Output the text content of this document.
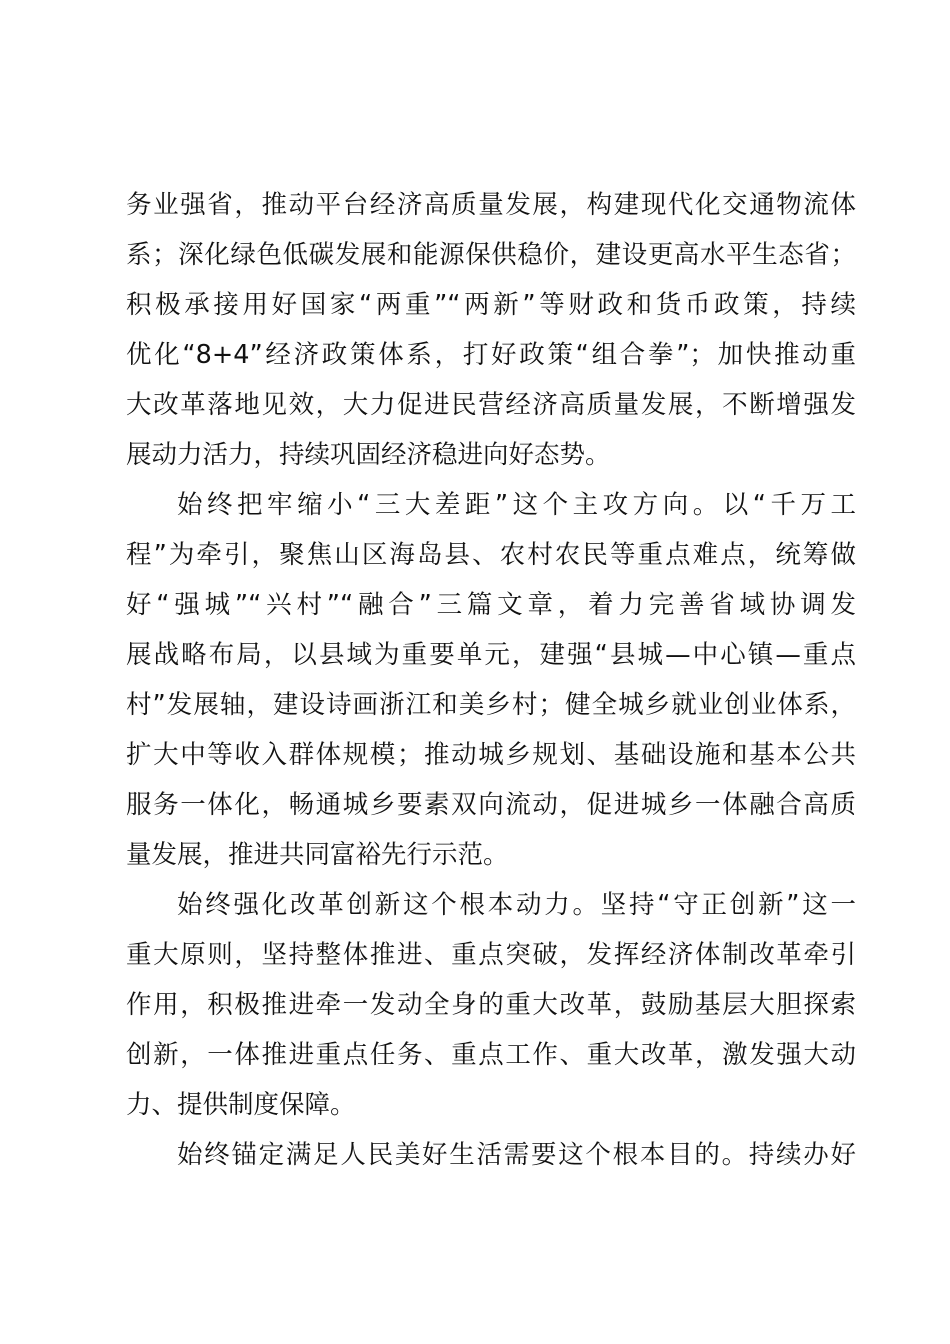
务业强省，推动平台经济高质量发展，构建现代化交通物流体
系；深化绿色低碳发展和能源保供稳价，建设更高水平生态省；
积极承接用好国家“两重”“两新”等财政和货币政策，持续
优化“8+4”经济政策体系，打好政策“组合拳”；加快推动重
大改革落地见效，大力促进民营经济高质量发展，不断增强发
展动力活力，持续巩固经济稳进向好态势。
始终把牢缩小“三大差距”这个主攻方向。以“千万工
程”为牵引，聚焦山区海岛县、农村农民等重点难点，统筹做
好“强城”“兴村”“融合”三篇文章，着力完善省域协调发
展战略布局，以县域为重要单元，建强“县城—中心镇—重点
村”发展轴，建设诗画浙江和美乡村；健全城乡就业创业体系，
扩大中等收入群体规模；推动城乡规划、基础设施和基本公共
服务一体化，畅通城乡要素双向流动，促进城乡一体融合高质
量发展，推进共同富裕先行示范。
始终强化改革创新这个根本动力。坚持“守正创新”这一
重大原则，坚持整体推进、重点突破，发挥经济体制改革牵引
作用，积极推进牵一发动全身的重大改革，鼓励基层大胆探索
创新，一体推进重点任务、重点工作、重大改革，激发强大动
力、提供制度保障。
始终锚定满足人民美好生活需要这个根本目的。持续办好
